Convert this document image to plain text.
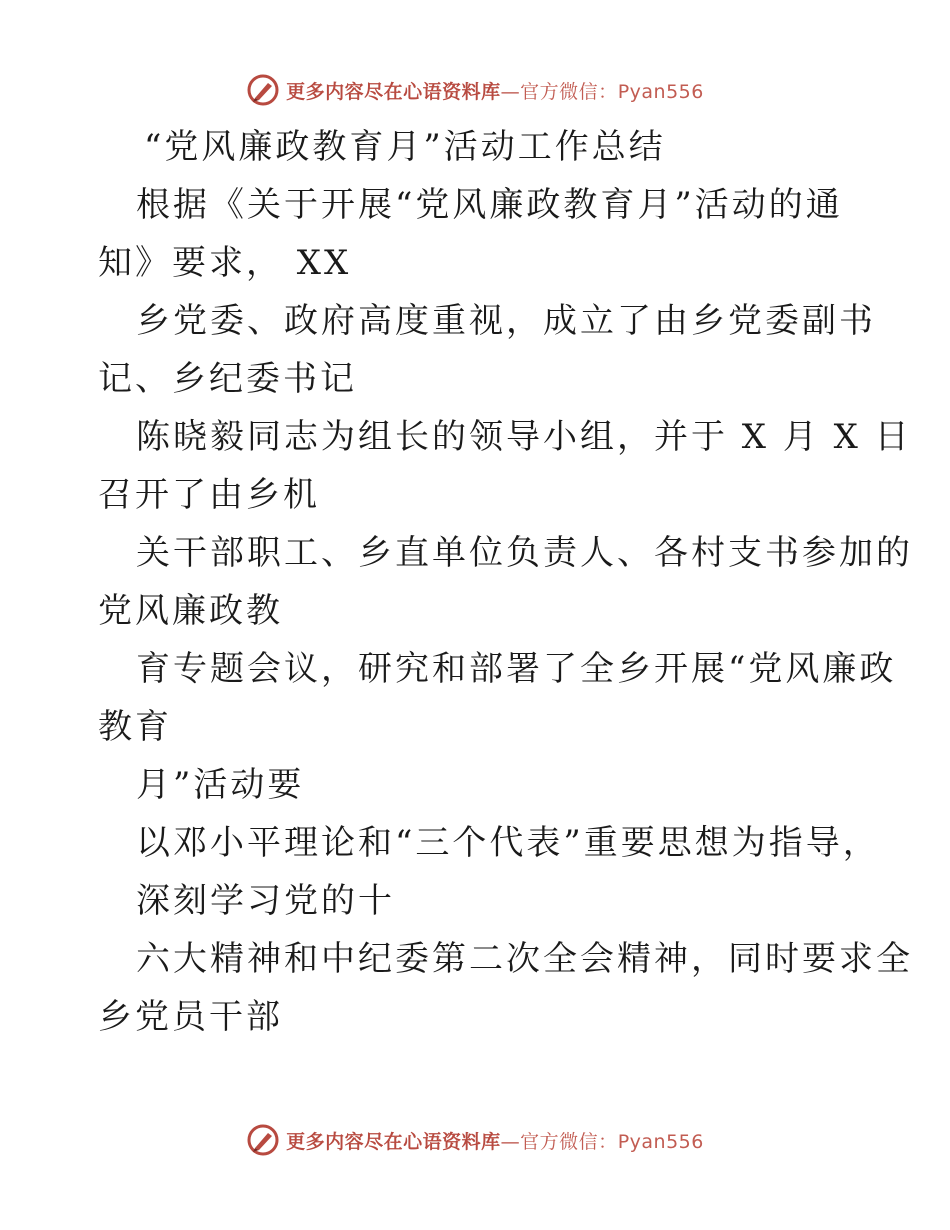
更多内容尽在心语资料库—官方微信：Pyan556
“党风廉政教育月”活动工作总结
根据《关于开展“党风廉政教育月”活动的通
知》要求， XX
乡党委、政府高度重视，成立了由乡党委副书
记、乡纪委书记
陈晓毅同志为组长的领导小组，并于 X 月 X 日
召开了由乡机
关干部职工、乡直单位负责人、各村支书参加的
党风廉政教
育专题会议，研究和部署了全乡开展“党风廉政
教育
月”活动要
以邓小平理论和“三个代表”重要思想为指导，
深刻学习党的十
六大精神和中纪委第二次全会精神，同时要求全
乡党员干部
更多内容尽在心语资料库—官方微信：Pyan556
